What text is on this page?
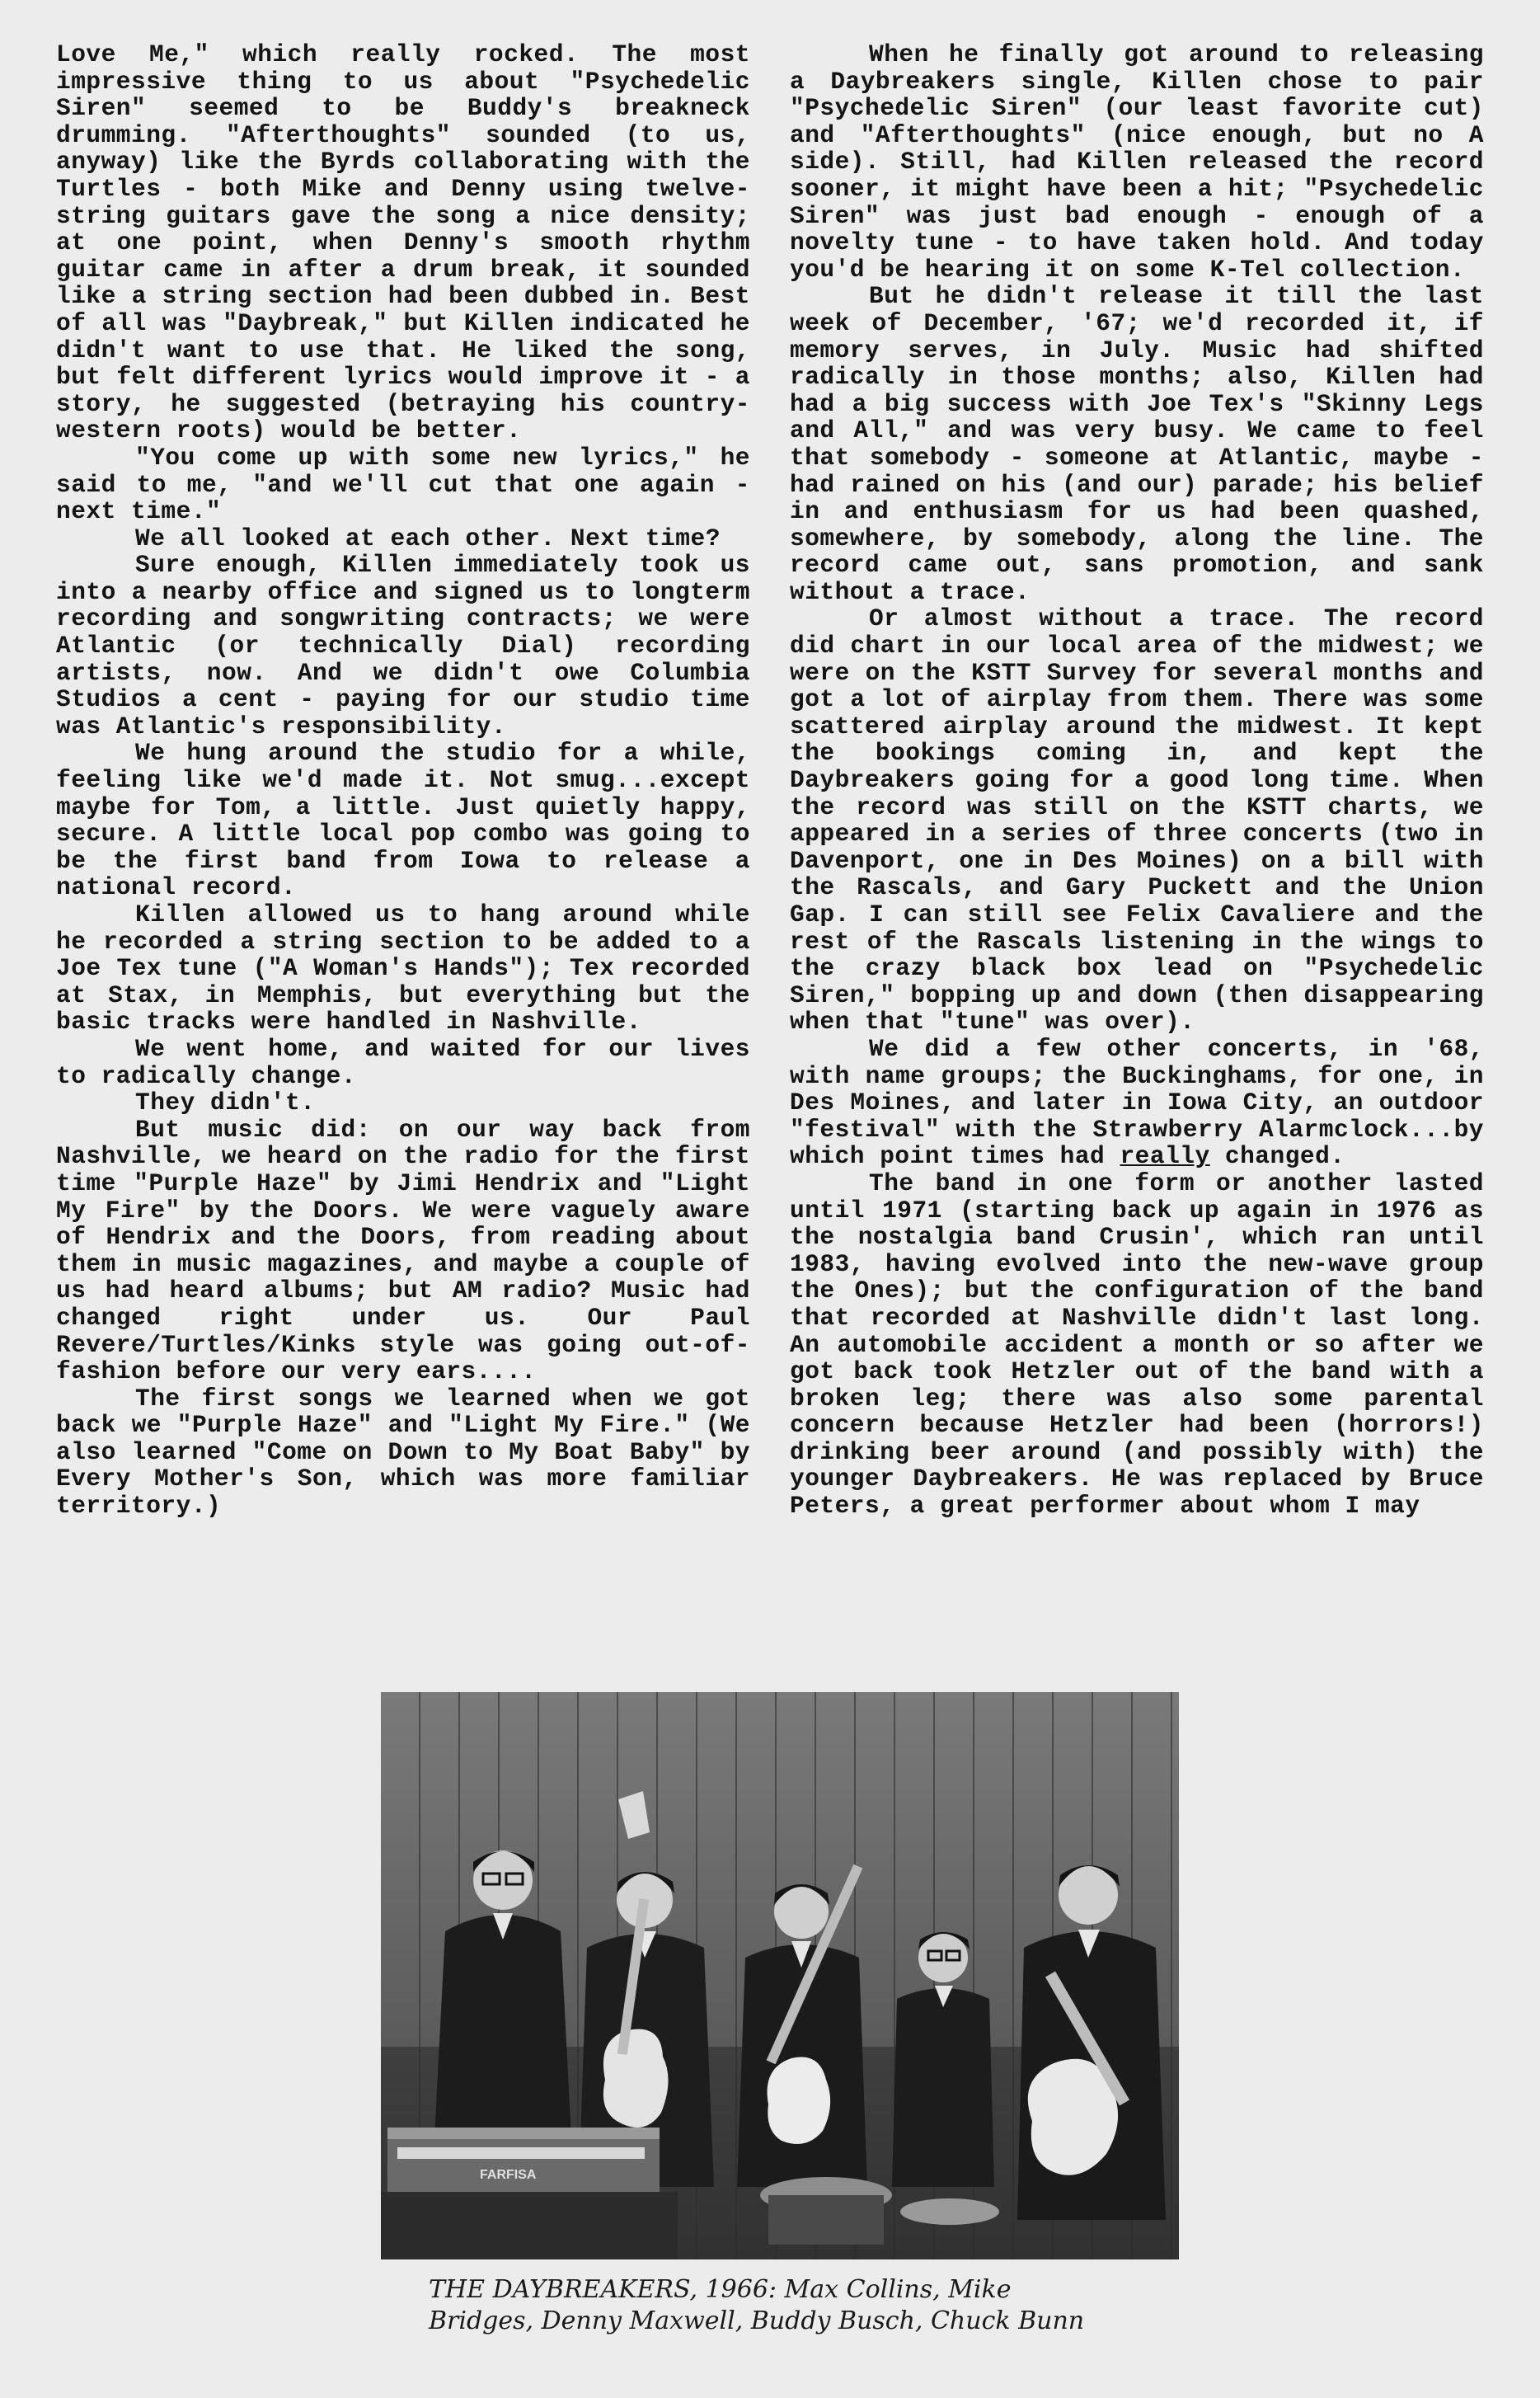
Love Me," which really rocked. The most impressive thing to us about "Psychedelic Siren" seemed to be Buddy's breakneck drumming. "Afterthoughts" sounded (to us, anyway) like the Byrds collaborating with the Turtles - both Mike and Denny using twelve-string guitars gave the song a nice density; at one point, when Denny's smooth rhythm guitar came in after a drum break, it sounded like a string section had been dubbed in. Best of all was "Daybreak," but Killen indicated he didn't want to use that. He liked the song, but felt different lyrics would improve it - a story, he suggested (betraying his country-western roots) would be better.

"You come up with some new lyrics," he said to me, "and we'll cut that one again - next time."

We all looked at each other. Next time?

Sure enough, Killen immediately took us into a nearby office and signed us to longterm recording and songwriting contracts; we were Atlantic (or technically Dial) recording artists, now. And we didn't owe Columbia Studios a cent - paying for our studio time was Atlantic's responsibility.

We hung around the studio for a while, feeling like we'd made it. Not smug...except maybe for Tom, a little. Just quietly happy, secure. A little local pop combo was going to be the first band from Iowa to release a national record.

Killen allowed us to hang around while he recorded a string section to be added to a Joe Tex tune ("A Woman's Hands"); Tex recorded at Stax, in Memphis, but everything but the basic tracks were handled in Nashville.

We went home, and waited for our lives to radically change.

They didn't.

But music did: on our way back from Nashville, we heard on the radio for the first time "Purple Haze" by Jimi Hendrix and "Light My Fire" by the Doors. We were vaguely aware of Hendrix and the Doors, from reading about them in music magazines, and maybe a couple of us had heard albums; but AM radio? Music had changed right under us. Our Paul Revere/Turtles/Kinks style was going out-of-fashion before our very ears....

The first songs we learned when we got back we "Purple Haze" and "Light My Fire." (We also learned "Come on Down to My Boat Baby" by Every Mother's Son, which was more familiar territory.)

When he finally got around to releasing a Daybreakers single, Killen chose to pair "Psychedelic Siren" (our least favorite cut) and "Afterthoughts" (nice enough, but no A side). Still, had Killen released the record sooner, it might have been a hit; "Psychedelic Siren" was just bad enough - enough of a novelty tune - to have taken hold. And today you'd be hearing it on some K-Tel collection.

But he didn't release it till the last week of December, '67; we'd recorded it, if memory serves, in July. Music had shifted radically in those months; also, Killen had had a big success with Joe Tex's "Skinny Legs and All," and was very busy. We came to feel that somebody - someone at Atlantic, maybe - had rained on his (and our) parade; his belief in and enthusiasm for us had been quashed, somewhere, by somebody, along the line. The record came out, sans promotion, and sank without a trace.

Or almost without a trace. The record did chart in our local area of the midwest; we were on the KSTT Survey for several months and got a lot of airplay from them. There was some scattered airplay around the midwest. It kept the bookings coming in, and kept the Daybreakers going for a good long time. When the record was still on the KSTT charts, we appeared in a series of three concerts (two in Davenport, one in Des Moines) on a bill with the Rascals, and Gary Puckett and the Union Gap. I can still see Felix Cavaliere and the rest of the Rascals listening in the wings to the crazy black box lead on "Psychedelic Siren," bopping up and down (then disappearing when that "tune" was over).

We did a few other concerts, in '68, with name groups; the Buckinghams, for one, in Des Moines, and later in Iowa City, an outdoor "festival" with the Strawberry Alarmclock...by which point times had really changed.

The band in one form or another lasted until 1971 (starting back up again in 1976 as the nostalgia band Crusin', which ran until 1983, having evolved into the new-wave group the Ones); but the configuration of the band that recorded at Nashville didn't last long. An automobile accident a month or so after we got back took Hetzler out of the band with a broken leg; there was also some parental concern because Hetzler had been (horrors!) drinking beer around (and possibly with) the younger Daybreakers. He was replaced by Bruce Peters, a great performer about whom I may

FARFISA
THE DAYBREAKERS, 1966: Max Collins, Mike
Bridges, Denny Maxwell, Buddy Busch, Chuck Bunn
